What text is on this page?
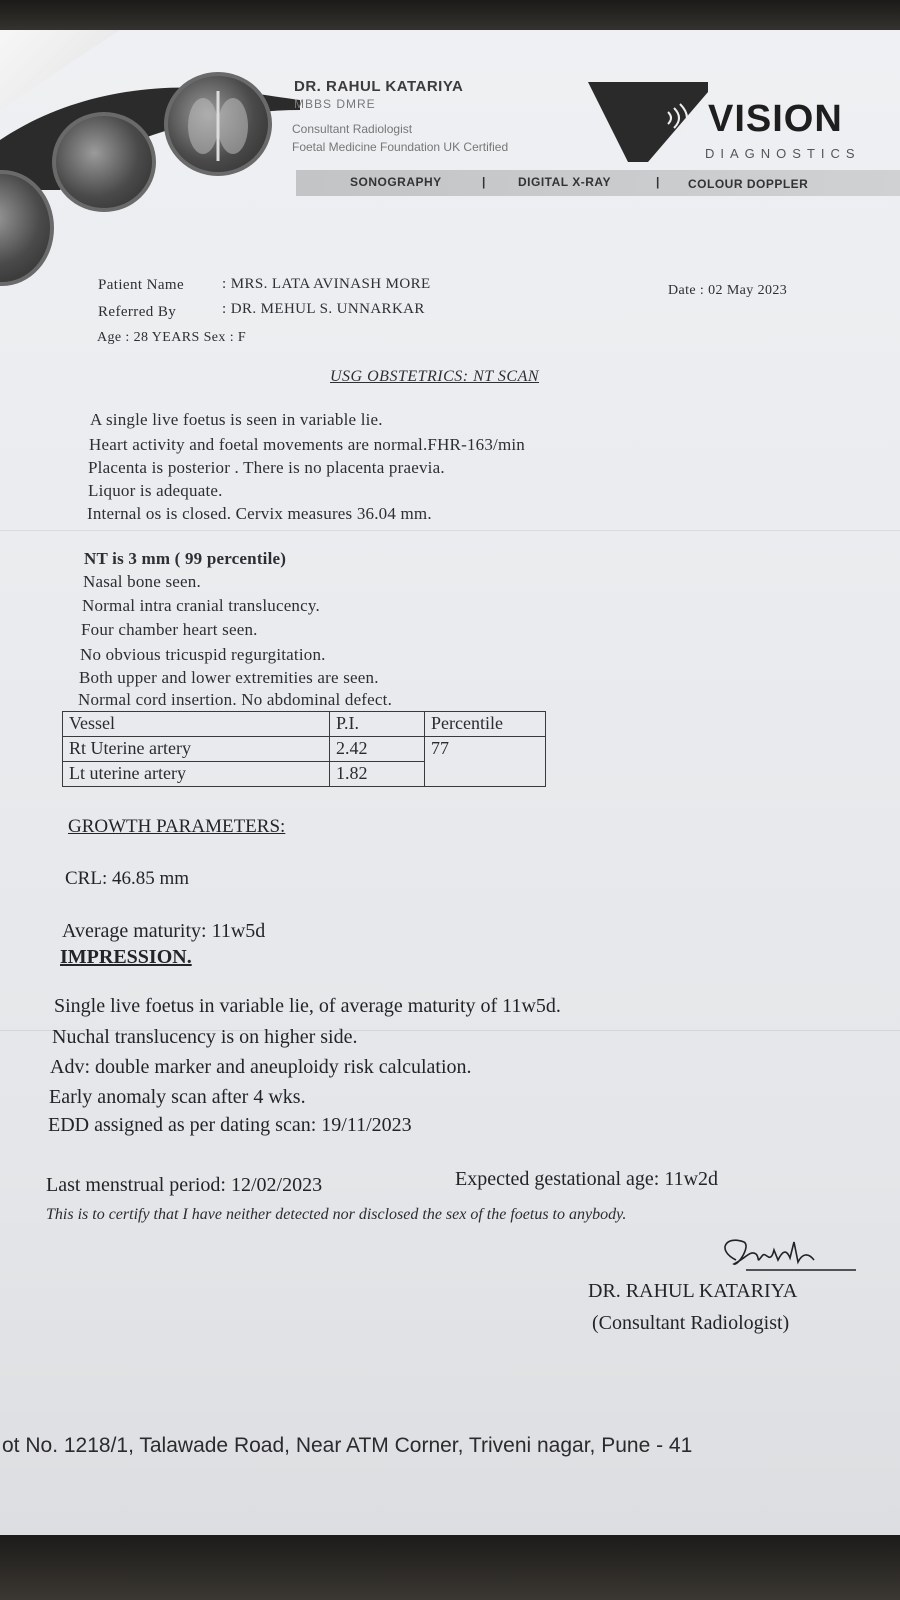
DR. RAHUL KATARIYA
MBBS DMRE
Consultant Radiologist
Foetal Medicine Foundation UK Certified
VISION
DIAGNOSTICS
SONOGRAPHY	|	DIGITAL X-RAY	| COLOUR DOPPLER
Patient Name	: MRS. LATA AVINASH MORE	Date : 02 May 2023
Referred By	: DR. MEHUL S. UNNARKAR
Age : 28 YEARS Sex : F
USG OBSTETRICS: NT SCAN
A single live foetus is seen in variable lie.
Heart activity and foetal movements are normal.FHR-163/min
Placenta is posterior . There is no placenta praevia.
Liquor is adequate.
Internal os is closed. Cervix measures 36.04 mm.
NT is 3 mm ( 99 percentile)
Nasal bone seen.
Normal intra cranial translucency.
Four chamber heart seen.
No obvious tricuspid regurgitation.
Both upper and lower extremities are seen.
Normal cord insertion. No abdominal defect.
Vessel	P.I.	Percentile
Rt Uterine artery	2.42	77
Lt uterine artery	1.82	
GROWTH PARAMETERS:
CRL: 46.85 mm
Average maturity: 11w5d
IMPRESSION.
Single live foetus in variable lie, of average maturity of 11w5d.
Nuchal translucency is on higher side.
Adv: double marker and aneuploidy risk calculation.
Early anomaly scan after 4 wks.
EDD assigned as per dating scan: 19/11/2023
Last menstrual period: 12/02/2023	Expected gestational age: 11w2d
This is to certify that I have neither detected nor disclosed the sex of the foetus to anybody.
DR. RAHUL KATARIYA
(Consultant Radiologist)
ot No. 1218/1, Talawade Road, Near ATM Corner, Triveni nagar, Pune - 41
